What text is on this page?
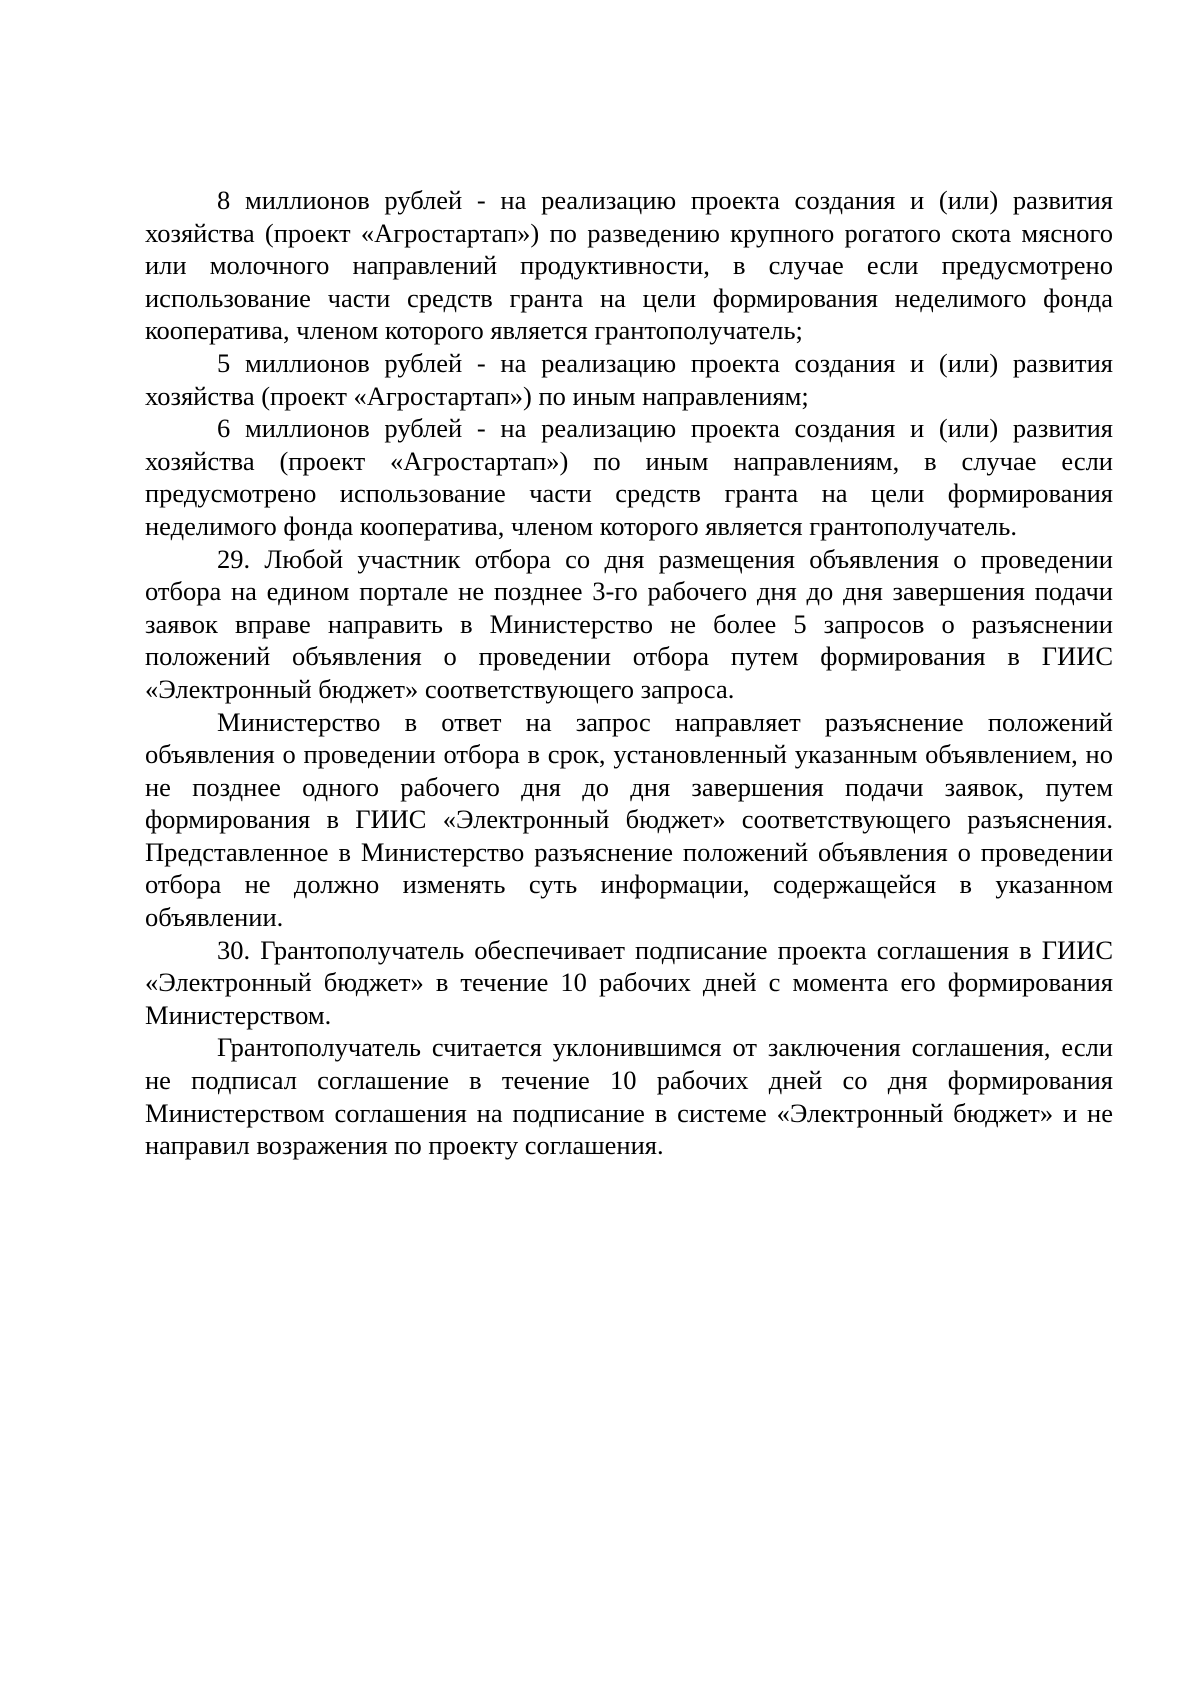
8 миллионов рублей - на реализацию проекта создания и (или) развития хозяйства (проект «Агростартап») по разведению крупного рогатого скота мясного или молочного направлений продуктивности, в случае если предусмотрено использование части средств гранта на цели формирования неделимого фонда кооператива, членом которого является грантополучатель;

5 миллионов рублей - на реализацию проекта создания и (или) развития хозяйства (проект «Агростартап») по иным направлениям;

6 миллионов рублей - на реализацию проекта создания и (или) развития хозяйства (проект «Агростартап») по иным направлениям, в случае если предусмотрено использование части средств гранта на цели формирования неделимого фонда кооператива, членом которого является грантополучатель.

29. Любой участник отбора со дня размещения объявления о проведении отбора на едином портале не позднее 3-го рабочего дня до дня завершения подачи заявок вправе направить в Министерство не более 5 запросов о разъяснении положений объявления о проведении отбора путем формирования в ГИИС «Электронный бюджет» соответствующего запроса.

Министерство в ответ на запрос направляет разъяснение положений объявления о проведении отбора в срок, установленный указанным объявлением, но не позднее одного рабочего дня до дня завершения подачи заявок, путем формирования в ГИИС «Электронный бюджет» соответствующего разъяснения. Представленное в Министерство разъяснение положений объявления о проведении отбора не должно изменять суть информации, содержащейся в указанном объявлении.

30. Грантополучатель обеспечивает подписание проекта соглашения в ГИИС «Электронный бюджет» в течение 10 рабочих дней с момента его формирования Министерством.

Грантополучатель считается уклонившимся от заключения соглашения, если не подписал соглашение в течение 10 рабочих дней со дня формирования Министерством соглашения на подписание в системе «Электронный бюджет» и не направил возражения по проекту соглашения.
